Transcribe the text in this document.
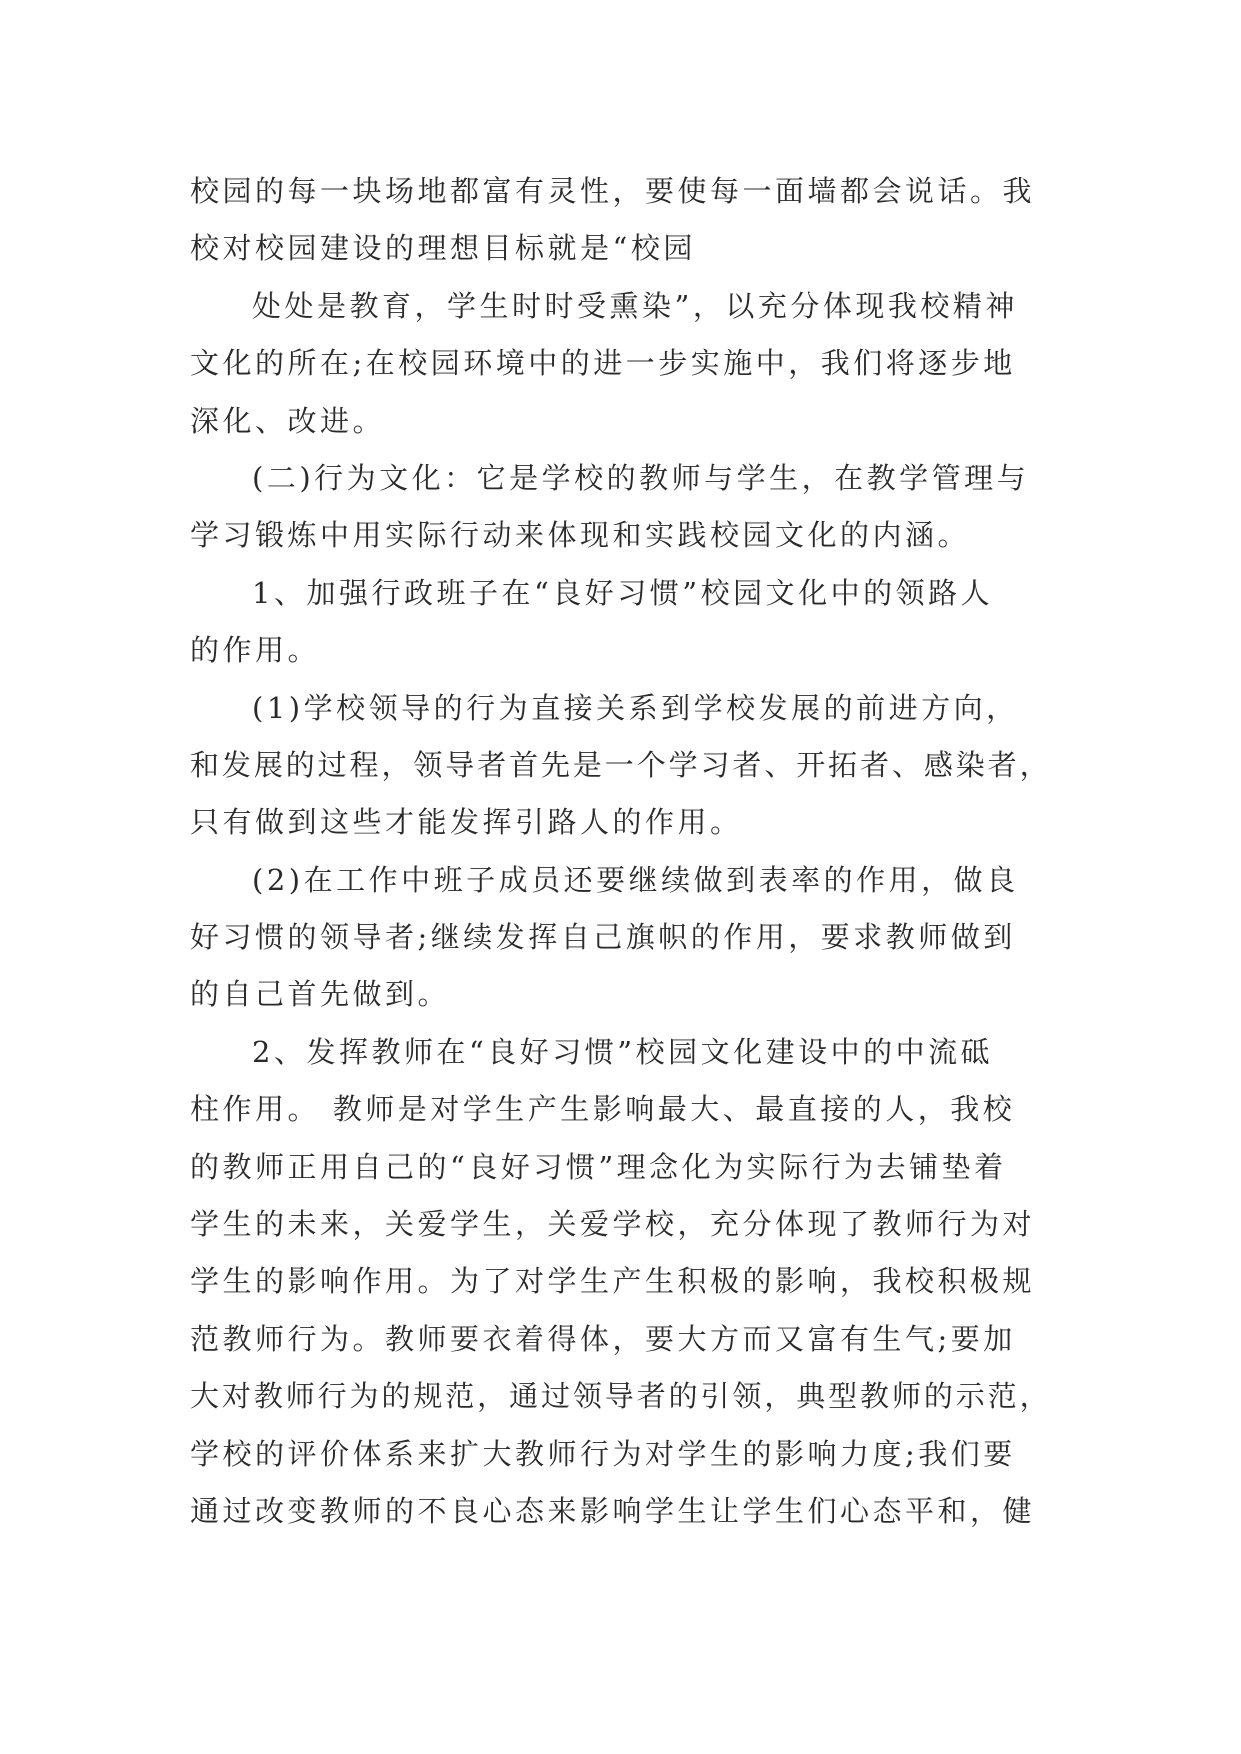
校园的每一块场地都富有灵性，要使每一面墙都会说话。我
校对校园建设的理想目标就是“校园
处处是教育，学生时时受熏染”，以充分体现我校精神
文化的所在;在校园环境中的进一步实施中，我们将逐步地
深化、改进。
(二)行为文化：它是学校的教师与学生，在教学管理与
学习锻炼中用实际行动来体现和实践校园文化的内涵。
1、加强行政班子在“良好习惯”校园文化中的领路人
的作用。
(1)学校领导的行为直接关系到学校发展的前进方向，
和发展的过程，领导者首先是一个学习者、开拓者、感染者，
只有做到这些才能发挥引路人的作用。
(2)在工作中班子成员还要继续做到表率的作用，做良
好习惯的领导者;继续发挥自己旗帜的作用，要求教师做到
的自己首先做到。
2、发挥教师在“良好习惯”校园文化建设中的中流砥
柱作用。 教师是对学生产生影响最大、最直接的人，我校
的教师正用自己的“良好习惯”理念化为实际行为去铺垫着
学生的未来，关爱学生，关爱学校，充分体现了教师行为对
学生的影响作用。为了对学生产生积极的影响，我校积极规
范教师行为。教师要衣着得体，要大方而又富有生气;要加
大对教师行为的规范，通过领导者的引领，典型教师的示范，
学校的评价体系来扩大教师行为对学生的影响力度;我们要
通过改变教师的不良心态来影响学生让学生们心态平和，健
